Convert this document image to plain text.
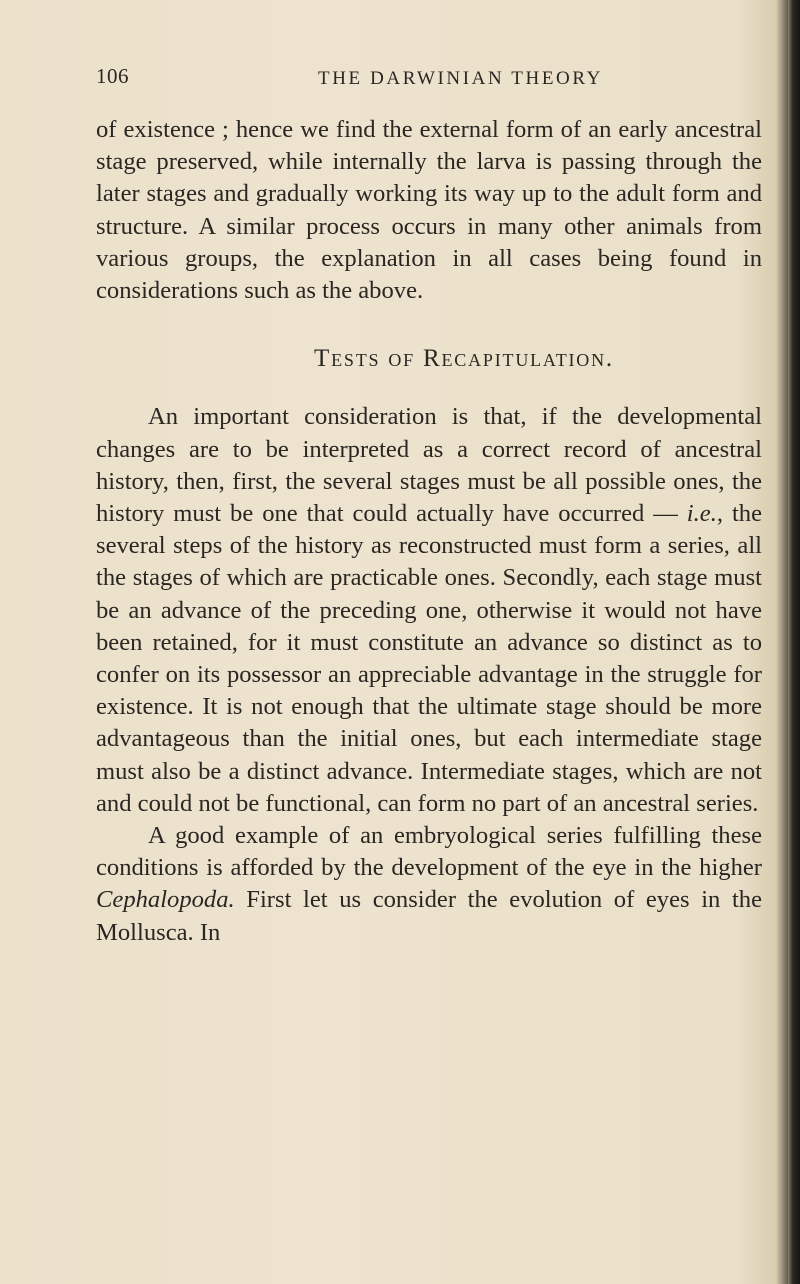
106	THE DARWINIAN THEORY

of existence ; hence we find the external form of an early ancestral stage preserved, while internally the larva is passing through the later stages and gradually working its way up to the adult form and structure. A similar process occurs in many other animals from various groups, the explanation in all cases being found in considerations such as the above.

Tests of Recapitulation.

An important consideration is that, if the developmental changes are to be interpreted as a correct record of ancestral history, then, first, the several stages must be all possible ones, the history must be one that could actually have occurred — i.e., the several steps of the history as reconstructed must form a series, all the stages of which are practicable ones. Secondly, each stage must be an advance of the preceding one, otherwise it would not have been retained, for it must constitute an advance so distinct as to confer on its possessor an appreciable advantage in the struggle for existence. It is not enough that the ultimate stage should be more advantageous than the initial ones, but each intermediate stage must also be a distinct advance. Intermediate stages, which are not and could not be functional, can form no part of an ancestral series.

A good example of an embryological series fulfilling these conditions is afforded by the development of the eye in the higher Cephalopoda. First let us consider the evolution of eyes in the Mollusca. In
